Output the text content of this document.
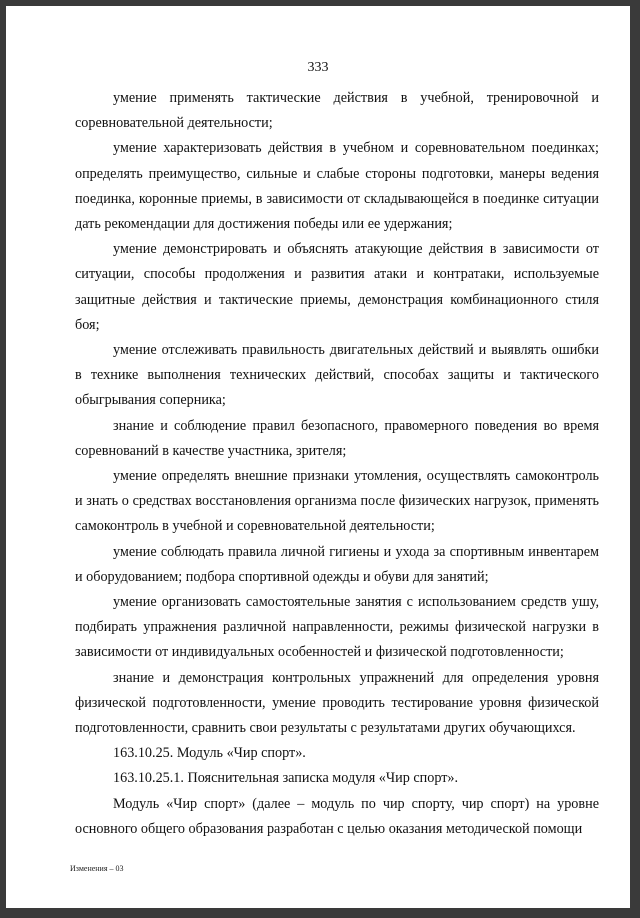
333

умение применять тактические действия в учебной, тренировочной и соревновательной деятельности;

умение характеризовать действия в учебном и соревновательном поединках; определять преимущество, сильные и слабые стороны подготовки, манеры ведения поединка, коронные приемы, в зависимости от складывающейся в поединке ситуации дать рекомендации для достижения победы или ее удержания;

умение демонстрировать и объяснять атакующие действия в зависимости от ситуации, способы продолжения и развития атаки и контратаки, используемые защитные действия и тактические приемы, демонстрация комбинационного стиля боя;

умение отслеживать правильность двигательных действий и выявлять ошибки в технике выполнения технических действий, способах защиты и тактического обыгрывания соперника;

знание и соблюдение правил безопасного, правомерного поведения во время соревнований в качестве участника, зрителя;

умение определять внешние признаки утомления, осуществлять самоконтроль и знать о средствах восстановления организма после физических нагрузок, применять самоконтроль в учебной и соревновательной деятельности;

умение соблюдать правила личной гигиены и ухода за спортивным инвентарем и оборудованием; подбора спортивной одежды и обуви для занятий;

умение организовать самостоятельные занятия с использованием средств ушу, подбирать упражнения различной направленности, режимы физической нагрузки в зависимости от индивидуальных особенностей и физической подготовленности;

знание и демонстрация контрольных упражнений для определения уровня физической подготовленности, умение проводить тестирование уровня физической подготовленности, сравнить свои результаты с результатами других обучающихся.

163.10.25. Модуль «Чир спорт».

163.10.25.1. Пояснительная записка модуля «Чир спорт».

Модуль «Чир спорт» (далее – модуль по чир спорту, чир спорт) на уровне основного общего образования разработан с целью оказания методической помощи

Изменения – 03
